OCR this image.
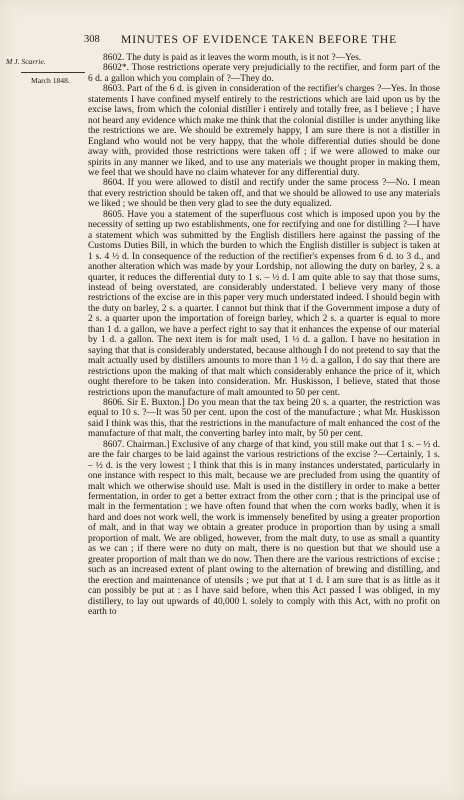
308 MINUTES OF EVIDENCE TAKEN BEFORE THE
M J. Scarrie.
March 1848.

8602. The duty is paid as it leaves the worm mouth, is it not ?—Yes.

8602*. Those restrictions operate very prejudicially to the rectifier, and form part of the 6 d. a gallon which you complain of ?—They do.

8603. Part of the 6 d. is given in consideration of the rectifier's charges ?—Yes. In those statements I have confined myself entirely to the restrictions which are laid upon us by the excise laws, from which the colonial distiller i entirely and totally free, as I believe ; I have not heard any evidence which make me think that the colonial distiller is under anything like the restrictions we are. We should be extremely happy, I am sure there is not a distiller in England who would not be very happy, that the whole differential duties should be done away with, provided those restrictions were taken off ; if we were allowed to make our spirits in any manner we liked, and to use any materials we thought proper in making them, we feel that we should have no claim whatever for any differential duty.

8604. If you were allowed to distil and rectify under the same process ?—No. I mean that every restriction should be taken off, and that we should be allowed to use any materials we liked ; we should be then very glad to see the duty equalized.

8605. Have you a statement of the superfluous cost which is imposed upon you by the necessity of setting up two establishments, one for rectifying and one for distilling ?—I have a statement which was submitted by the English distillers here against the passing of the Customs Duties Bill, in which the burden to which the English distiller is subject is taken at 1 s. 4 ½ d. In consequence of the reduction of the rectifier's expenses from 6 d. to 3 d., and another alteration which was made by your Lordship, not allowing the duty on barley, 2 s. a quarter, it reduces the differential duty to 1 s. – ½ d. I am quite able to say that those sums, instead of being overstated, are considerably understated. I believe very many of those restrictions of the excise are in this paper very much understated indeed. I should begin with the duty on barley, 2 s. a quarter. I cannot but think that if the Government impose a duty of 2 s. a quarter upon the importation of foreign barley, which 2 s. a quarter is equal to more than 1 d. a gallon, we have a perfect right to say that it enhances the expense of our material by 1 d. a gallon. The next item is for malt used, 1 ½ d. a gallon. I have no hesitation in saying that that is considerably understated, because although I do not pretend to say that the malt actually used by distillers amounts to more than 1 ½ d. a gallon, I do say that there are restrictions upon the making of that malt which considerably enhance the price of it, which ought therefore to be taken into consideration. Mr. Huskisson, I believe, stated that those restrictions upon the manufacture of malt amounted to 50 per cent.

8606. Sir E. Buxton.] Do you mean that the tax being 20 s. a quarter, the restriction was equal to 10 s. ?—It was 50 per cent. upon the cost of the manufacture ; what Mr. Huskisson said I think was this, that the restrictions in the manufacture of malt enhanced the cost of the manufacture of that malt, the converting barley into malt, by 50 per cent.

8607. Chairman.] Exclusive of any charge of that kind, you still make out that 1 s. – ½ d. are the fair charges to be laid against the various restrictions of the excise ?—Certainly, 1 s. – ½ d. is the very lowest ; I think that this is in many instances understated, particularly in one instance with respect to this malt, because we are precluded from using the quantity of malt which we otherwise should use. Malt is used in the distillery in order to make a better fermentation, in order to get a better extract from the other corn ; that is the principal use of malt in the fermentation ; we have often found that when the corn works badly, when it is hard and does not work well, the work is immensely benefited by using a greater proportion of malt, and in that way we obtain a greater produce in proportion than by using a small proportion of malt. We are obliged, however, from the malt duty, to use as small a quantity as we can ; if there were no duty on malt, there is no question but that we should use a greater proportion of malt than we do now. Then there are the various restrictions of excise ; such as an increased extent of plant owing to the alternation of brewing and distilling, and the erection and maintenance of utensils ; we put that at 1 d. I am sure that is as little as it can possibly be put at : as I have said before, when this Act passed I was obliged, in my distillery, to lay out upwards of 40,000 l. solely to comply with this Act, with no profit on earth to
